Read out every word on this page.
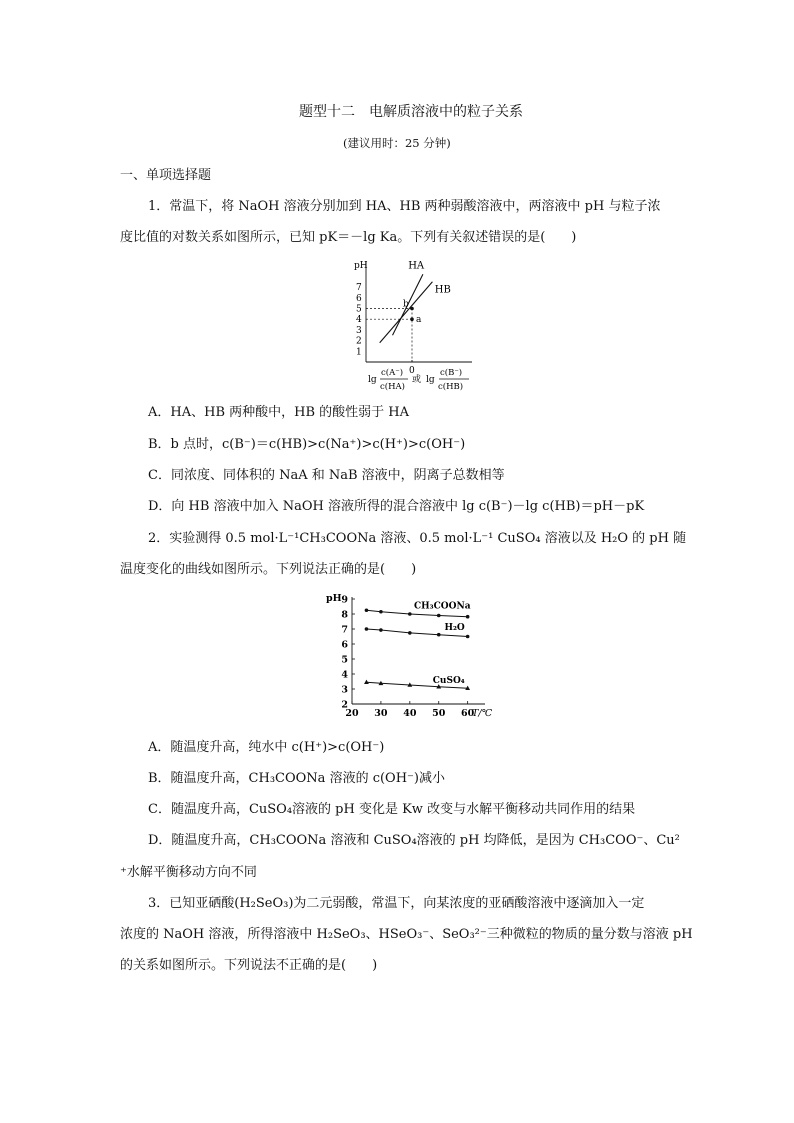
题型十二　电解质溶液中的粒子关系
(建议用时：25 分钟)
一、单项选择题
1．常温下，将 NaOH 溶液分别加到 HA、HB 两种弱酸溶液中，两溶液中 pH 与粒子浓
度比值的对数关系如图所示，已知 pK＝－lg Ka。下列有关叙述错误的是(　　)
1
2
3
4
5
6
7
0
pH	HA
HB
b
a
lg
c(A⁻)
c(HA)
或 lg
c(B⁻)
c(HB)
A．HA、HB 两种酸中，HB 的酸性弱于 HA
B．b 点时，c(B⁻)＝c(HB)>c(Na⁺)>c(H⁺)>c(OH⁻)
C．同浓度、同体积的 NaA 和 NaB 溶液中，阴离子总数相等
D．向 HB 溶液中加入 NaOH 溶液所得的混合溶液中 lg c(B⁻)－lg c(HB)＝pH－pK
2．实验测得 0.5 mol·L⁻¹CH₃COONa 溶液、0.5 mol·L⁻¹ CuSO₄ 溶液以及 H₂O 的 pH 随
温度变化的曲线如图所示。下列说法正确的是(　　)
2
3
4
5
6
7
8
9
20 30 40 50 60
pH
T/℃
CH₃COONa
H₂O
CuSO₄
A．随温度升高，纯水中 c(H⁺)>c(OH⁻)
B．随温度升高，CH₃COONa 溶液的 c(OH⁻)减小
C．随温度升高，CuSO₄溶液的 pH 变化是 Kw 改变与水解平衡移动共同作用的结果
D．随温度升高，CH₃COONa 溶液和 CuSO₄溶液的 pH 均降低，是因为 CH₃COO⁻、Cu²
⁺水解平衡移动方向不同
3．已知亚硒酸(H₂SeO₃)为二元弱酸，常温下，向某浓度的亚硒酸溶液中逐滴加入一定
浓度的 NaOH 溶液，所得溶液中 H₂SeO₃、HSeO₃⁻、SeO₃²⁻三种微粒的物质的量分数与溶液 pH
的关系如图所示。下列说法不正确的是(　　)
